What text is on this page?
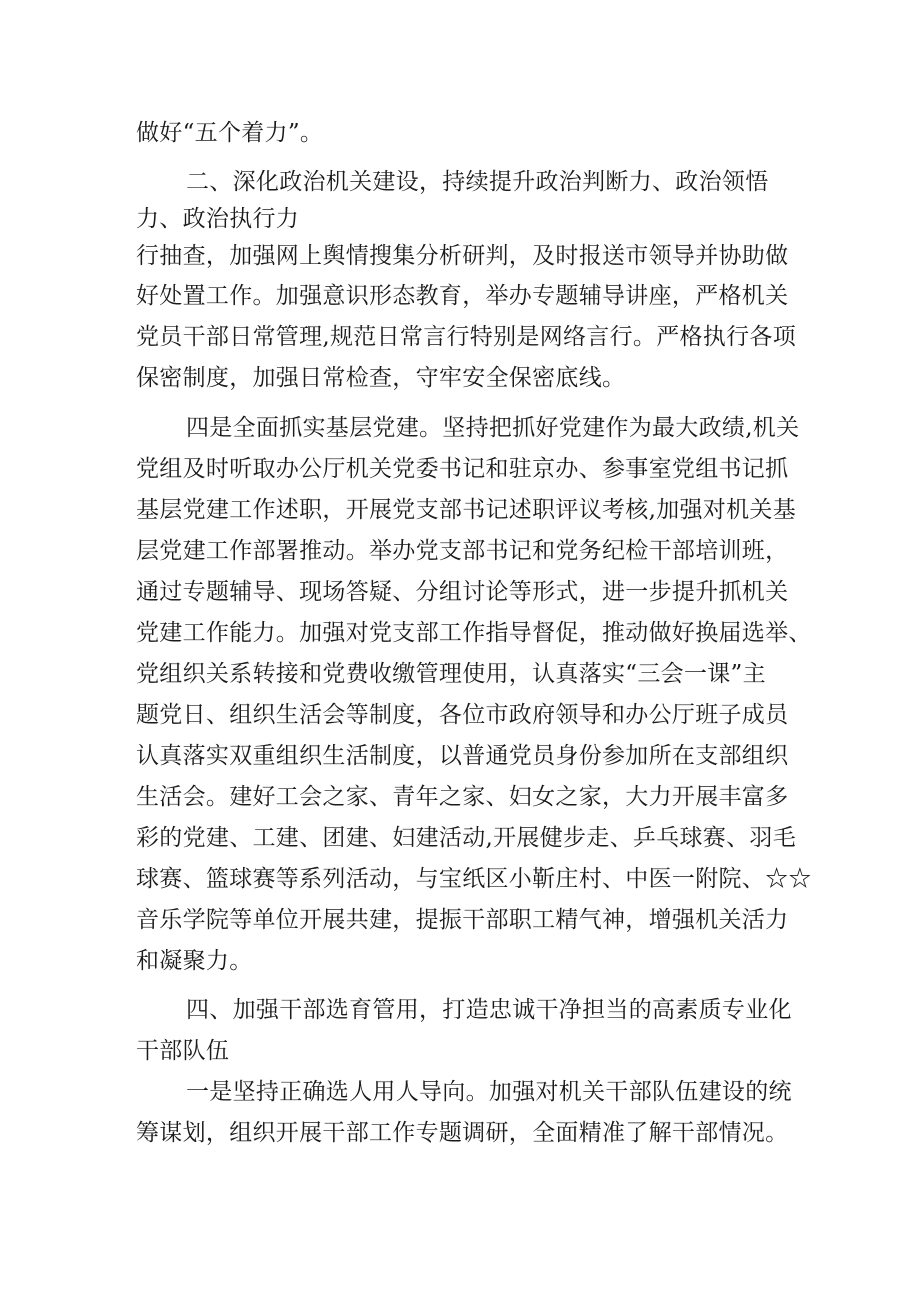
做好“五个着力”。

二、深化政治机关建设，持续提升政治判断力、政治领悟

力、政治执行力

行抽查，加强网上舆情搜集分析研判，及时报送市领导并协助做

好处置工作。加强意识形态教育，举办专题辅导讲座，严格机关

党员干部日常管理,规范日常言行特别是网络言行。严格执行各项

保密制度，加强日常检查，守牢安全保密底线。

四是全面抓实基层党建。坚持把抓好党建作为最大政绩,机关

党组及时听取办公厅机关党委书记和驻京办、参事室党组书记抓

基层党建工作述职，开展党支部书记述职评议考核,加强对机关基

层党建工作部署推动。举办党支部书记和党务纪检干部培训班，

通过专题辅导、现场答疑、分组讨论等形式，进一步提升抓机关

党建工作能力。加强对党支部工作指导督促，推动做好换届选举、

党组织关系转接和党费收缴管理使用，认真落实“三会一课”主

题党日、组织生活会等制度，各位市政府领导和办公厅班子成员

认真落实双重组织生活制度，以普通党员身份参加所在支部组织

生活会。建好工会之家、青年之家、妇女之家，大力开展丰富多

彩的党建、工建、团建、妇建活动,开展健步走、乒乓球赛、羽毛

球赛、篮球赛等系列活动，与宝纸区小靳庄村、中医一附院、☆☆

音乐学院等单位开展共建，提振干部职工精气神，增强机关活力

和凝聚力。

四、加强干部选育管用，打造忠诚干净担当的高素质专业化

干部队伍

一是坚持正确选人用人导向。加强对机关干部队伍建设的统

筹谋划，组织开展干部工作专题调研，全面精准了解干部情况。
